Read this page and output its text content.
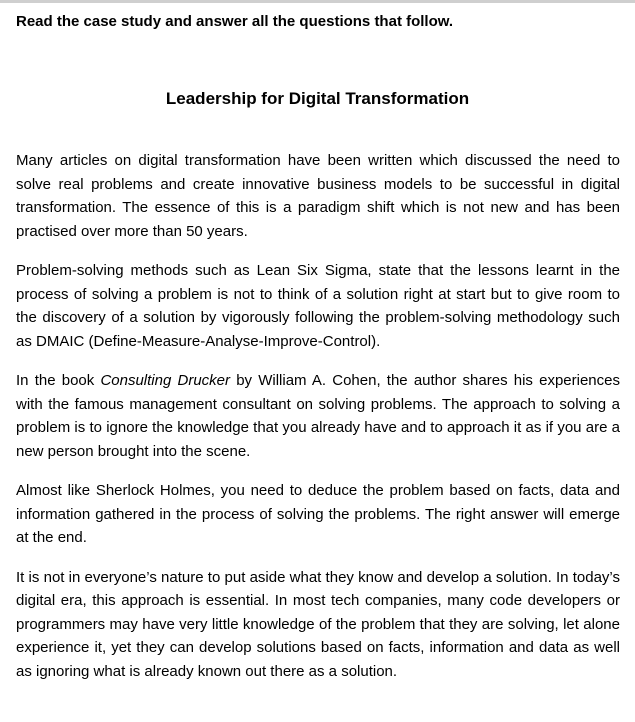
Read the case study and answer all the questions that follow.
Leadership for Digital Transformation

Many articles on digital transformation have been written which discussed the need to solve real problems and create innovative business models to be successful in digital transformation. The essence of this is a paradigm shift which is not new and has been practised over more than 50 years.

Problem-solving methods such as Lean Six Sigma, state that the lessons learnt in the process of solving a problem is not to think of a solution right at start but to give room to the discovery of a solution by vigorously following the problem-solving methodology such as DMAIC (Define-Measure-Analyse-Improve-Control).

In the book Consulting Drucker by William A. Cohen, the author shares his experiences with the famous management consultant on solving problems. The approach to solving a problem is to ignore the knowledge that you already have and to approach it as if you are a new person brought into the scene.

Almost like Sherlock Holmes, you need to deduce the problem based on facts, data and information gathered in the process of solving the problems. The right answer will emerge at the end.

It is not in everyone’s nature to put aside what they know and develop a solution. In today’s digital era, this approach is essential. In most tech companies, many code developers or programmers may have very little knowledge of the problem that they are solving, let alone experience it, yet they can develop solutions based on facts, information and data as well as ignoring what is already known out there as a solution.
